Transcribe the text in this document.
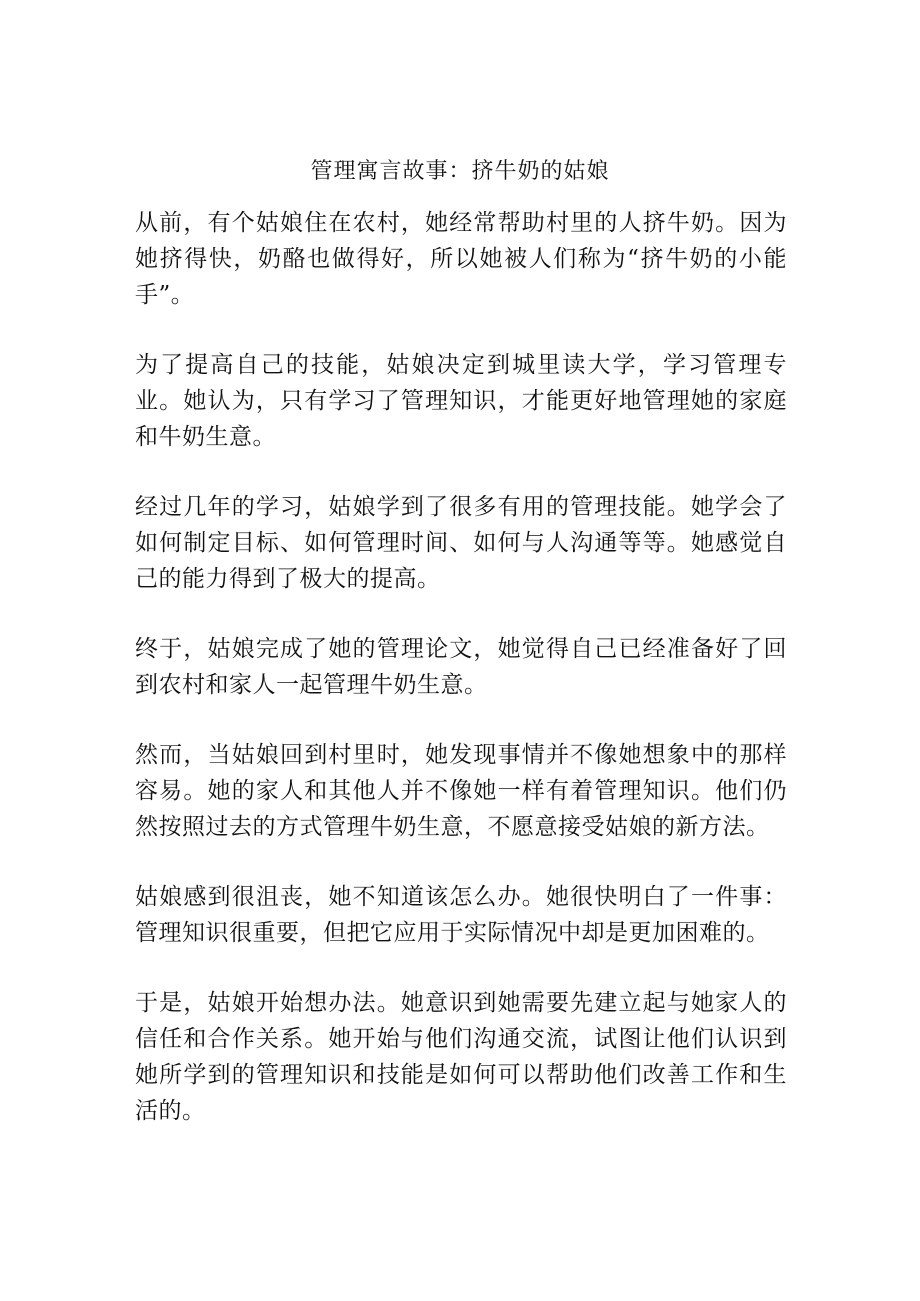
管理寓言故事：挤牛奶的姑娘

从前，有个姑娘住在农村，她经常帮助村里的人挤牛奶。因为她挤得快，奶酪也做得好，所以她被人们称为“挤牛奶的小能手”。

为了提高自己的技能，姑娘决定到城里读大学，学习管理专业。她认为，只有学习了管理知识，才能更好地管理她的家庭和牛奶生意。

经过几年的学习，姑娘学到了很多有用的管理技能。她学会了如何制定目标、如何管理时间、如何与人沟通等等。她感觉自己的能力得到了极大的提高。

终于，姑娘完成了她的管理论文，她觉得自己已经准备好了回到农村和家人一起管理牛奶生意。

然而，当姑娘回到村里时，她发现事情并不像她想象中的那样容易。她的家人和其他人并不像她一样有着管理知识。他们仍然按照过去的方式管理牛奶生意，不愿意接受姑娘的新方法。

姑娘感到很沮丧，她不知道该怎么办。她很快明白了一件事：管理知识很重要，但把它应用于实际情况中却是更加困难的。

于是，姑娘开始想办法。她意识到她需要先建立起与她家人的信任和合作关系。她开始与他们沟通交流，试图让他们认识到她所学到的管理知识和技能是如何可以帮助他们改善工作和生活的。
